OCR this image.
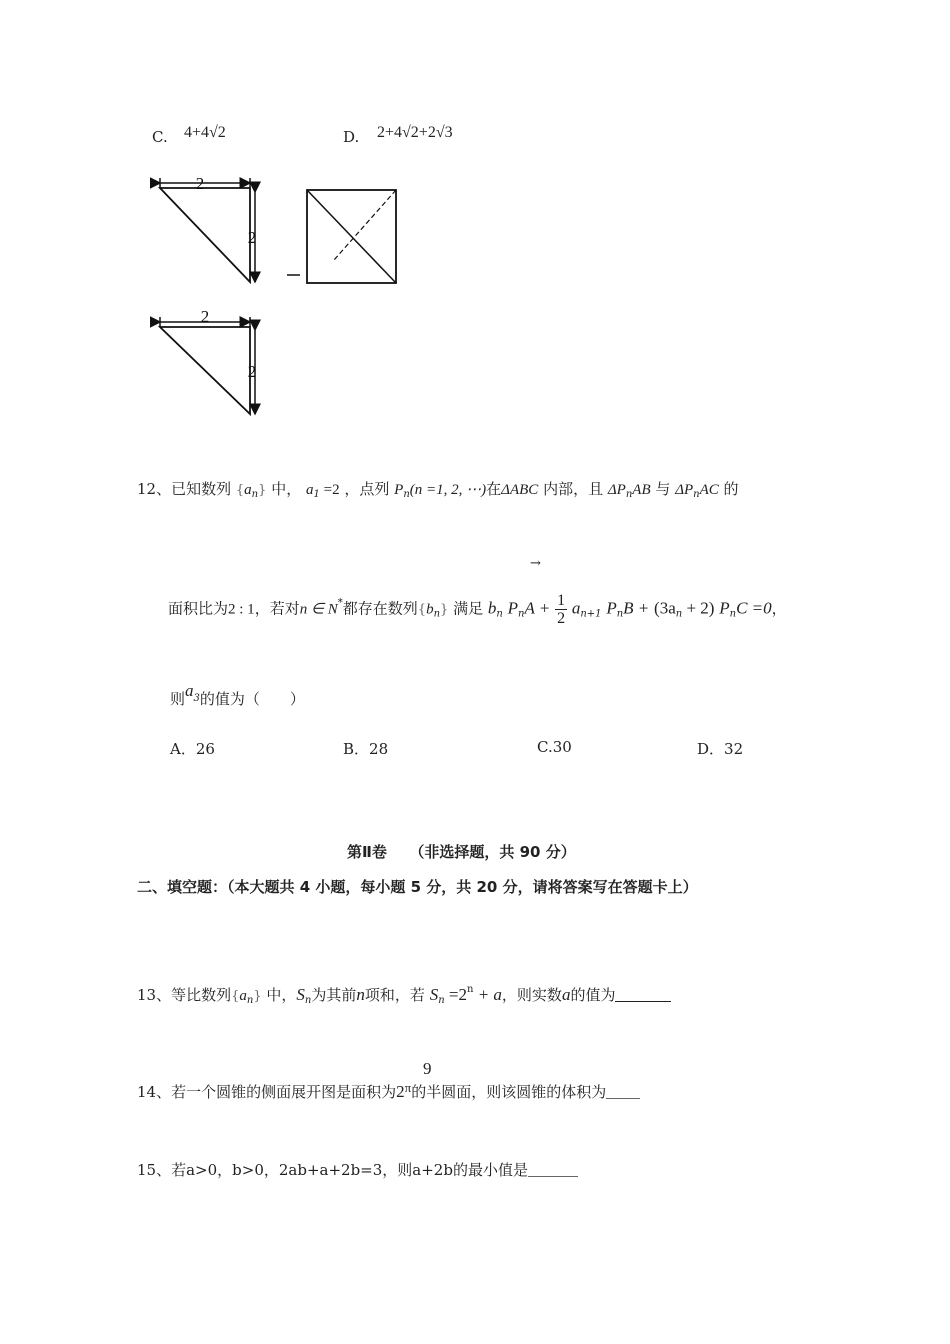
C. 4+4√2	D. 2+4√2+2√3
2
2
2
2
12、已知数列 $\{a_n\}$ 中， $a_1 =2$ ，点列 $P_n(n =1$, 2, ⋯)在ΔABC 内部，且 $\Delta P_nAB$ 与 $\Delta P_nAC$ 的
→
面积比为2 : 1，若对n ∈ N*都存在数列$\{b_n\}$ 满足 $b_n$ $P_nA + \frac{1}{2} a_{n+1}$ $P_nB + (3a_n + 2)$ $P_nC =0$，
则$a^3$的值为（　　）
A．26	B．28	C.30	D．32
第Ⅱ卷　　（非选择题，共 90 分）
二、填空题：（本大题共 4 小题，每小题 5 分，共 20 分，请将答案写在答题卡上）
13、等比数列$\{a_n\}$ 中，$S_n$为其前n项和，若 $S_n =2^n + a$，则实数a的值为
9
14、若一个圆锥的侧面展开图是面积为2π的半圆面，则该圆锥的体积为
15、若a>0，b>0，2ab+a+2b=3，则a+2b的最小值是
